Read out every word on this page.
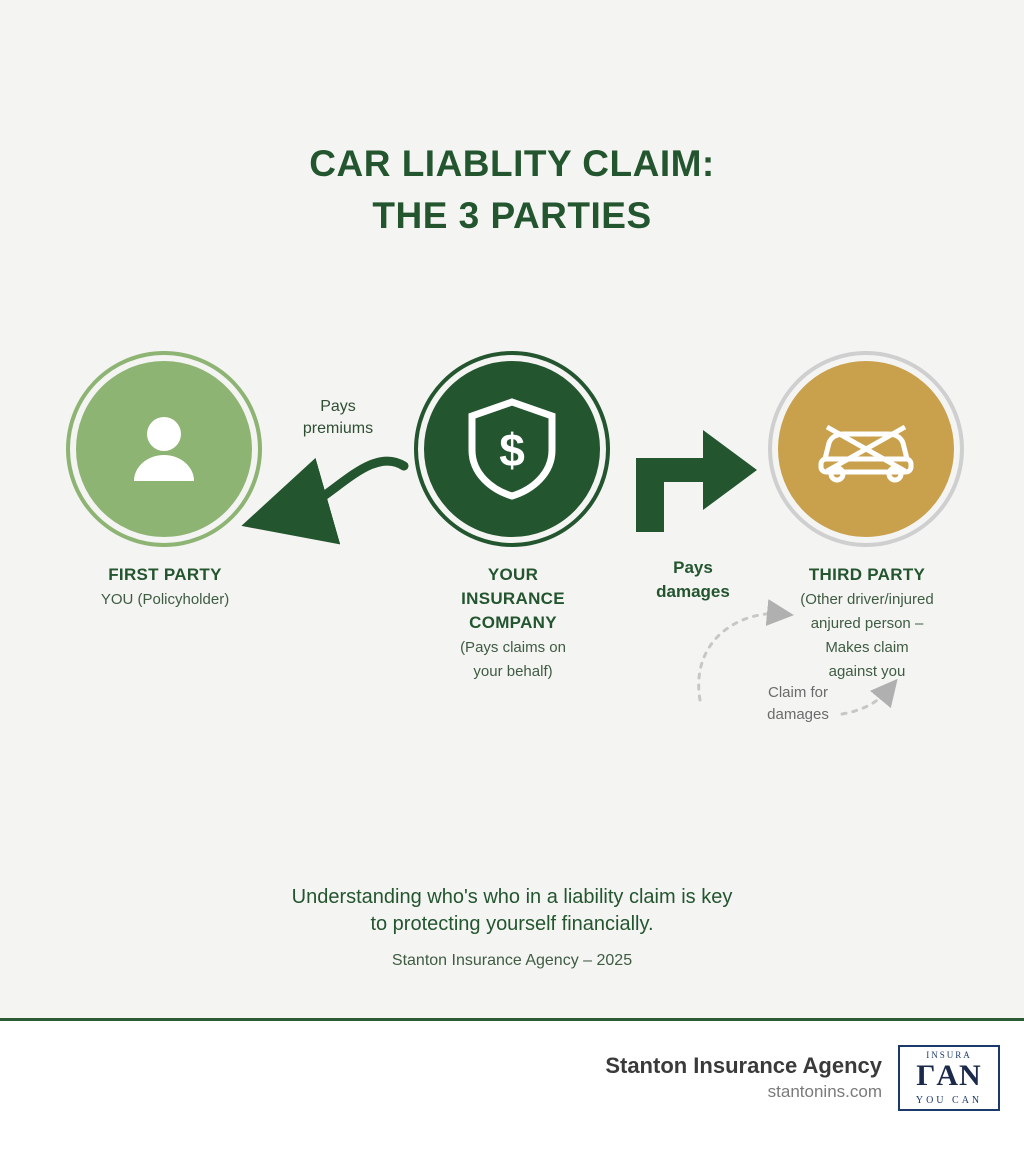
CAR LIABLITY CLAIM:
THE 3 PARTIES
FIRST PARTY
YOU (Policyholder)
$
YOUR
INSURANCE
COMPANY
(Pays claims on
your behalf)
THIRD PARTY
(Other driver/injured
anjured person –
Makes claim
against you
Pays
premiums
Pays
damages
Claim for
damages
Understanding who's who in a liability claim is key
to protecting yourself financially.
Stanton Insurance Agency – 2025
Stanton Insurance Agency
stantonins.com
INSURA
ΓAN
YOU CAN
